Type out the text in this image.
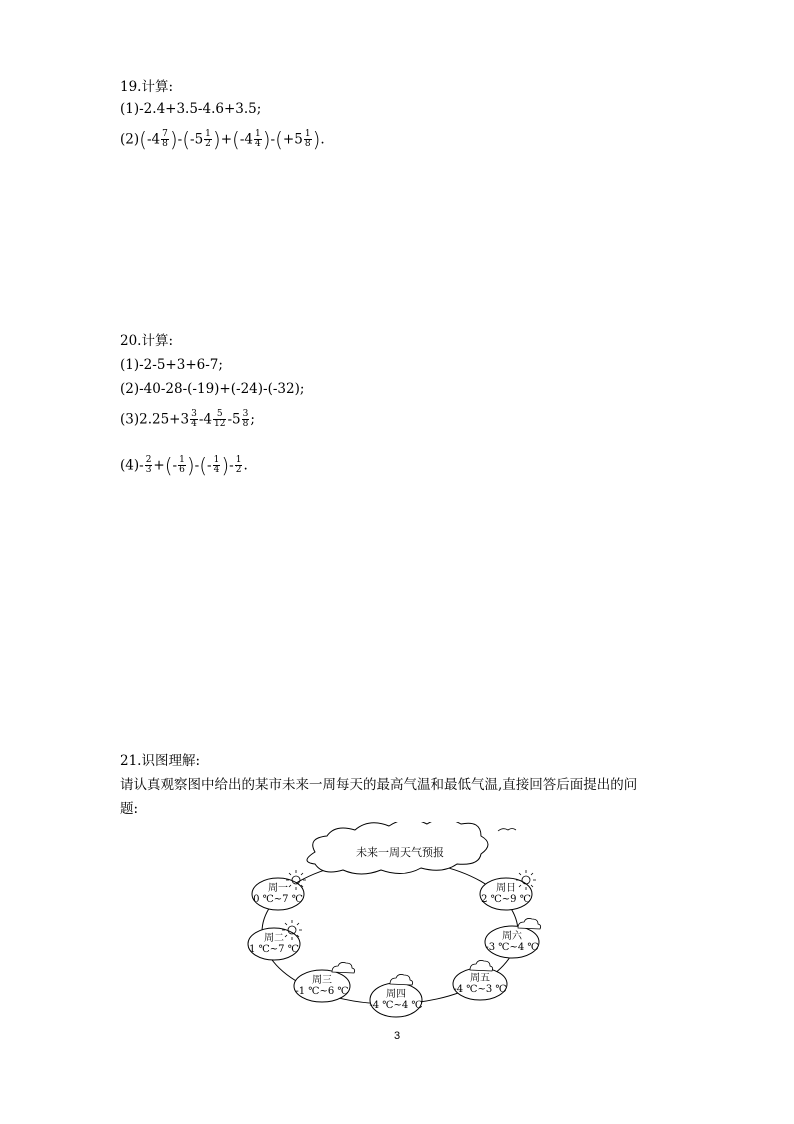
19.计算:
(1)-2.4+3.5-4.6+3.5;
$(2)(-4 \frac{7}{8} )-(-5 \frac{1}{2} )+(-4 \frac{1}{4} )-(+5 \frac{1}{8}$ ).
20.计算:
(1)-2-5+3+6-7;
(2)-40-28-(-19)+(-24)-(-32);
$(3)2.25+3 \frac{3}{4} -4 \frac{5}{12} -5 \frac{3}{8}$ ;
$(4)- \frac{2}{3}$ +(- $\frac{1}{6}$ )-(- $\frac{1}{4}$ )- $\frac{1}{2}$ .
21.识图理解:
请认真观察图中给出的某市未来一周每天的最高气温和最低气温,直接回答后面提出的问
题:
未来一周天气预报
周一
0 ℃~7 ℃
周二
1 ℃~7 ℃
周三
-1 ℃~6 ℃	周四
-4 ℃~4 ℃
周五
-4 ℃~3 ℃
周六
-3 ℃~4 ℃
周日
2 ℃~9 ℃
3
